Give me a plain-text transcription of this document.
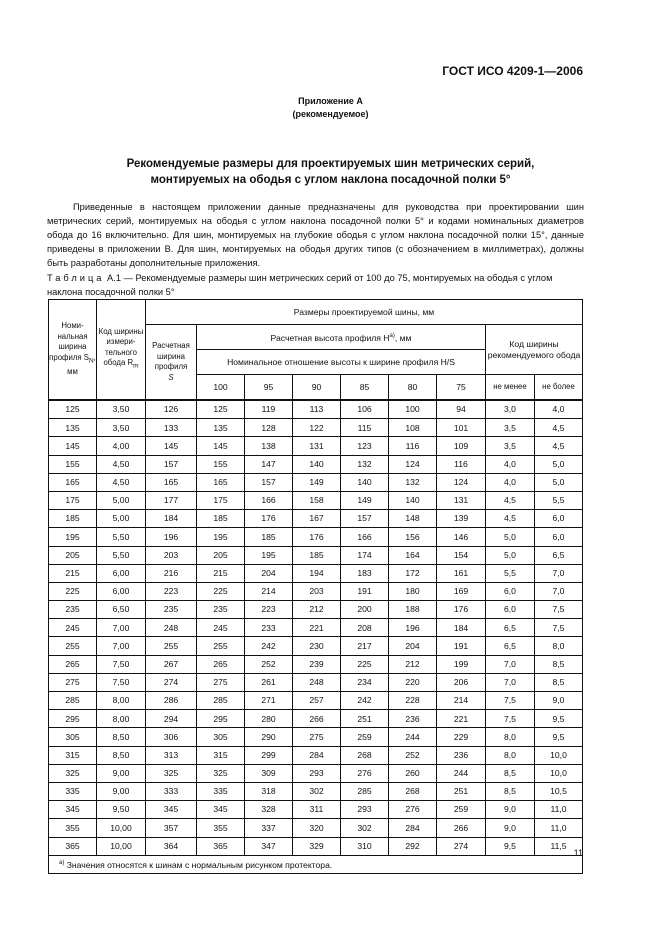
ГОСТ ИСО 4209-1—2006
Приложение А
(рекомендуемое)
Рекомендуемые размеры для проектируемых шин метрических серий,
монтируемых на ободья с углом наклона посадочной полки 5°

Приведенные в настоящем приложении данные предназначены для руководства при проектировании шин метрических серий, монтируемых на ободья с углом наклона посадочной полки 5° и кодами номинальных диаметров обода до 16 включительно. Для шин, монтируемых на глубокие ободья с углом наклона посадочной полки 15°, данные приведены в приложении В. Для шин, монтируемых на ободья других типов (с обозначением в миллиметрах), должны быть разработаны дополнительные приложения.

Таблица А.1 — Рекомендуемые размеры шин метрических серий от 100 до 75, монтируемых на ободья с углом наклона посадочной полки 5°
Номи-нальная ширина профиля $S_N$, мм	Код ширины измери-тельного обода $R_m$	Размеры проектируемой шины, мм								
		Расчетная ширина профиля
S	Расчетная высота профиля $H^{а)}$, мм						Код ширины рекомендуемого обода	
			Номинальное отношение высоты к ширине профиля H/S							
			100	95	90	85	80	75	не менее	не более
125	3,50	126	125	119	113	106	100	94	3,0	4,0
135	3,50	133	135	128	122	115	108	101	3,5	4,5
145	4,00	145	145	138	131	123	116	109	3,5	4,5
155	4,50	157	155	147	140	132	124	116	4,0	5,0
165	4,50	165	165	157	149	140	132	124	4,0	5,0
175	5,00	177	175	166	158	149	140	131	4,5	5,5
185	5,00	184	185	176	167	157	148	139	4,5	6,0
195	5,50	196	195	185	176	166	156	146	5,0	6,0
205	5,50	203	205	195	185	174	164	154	5,0	6,5
215	6,00	216	215	204	194	183	172	161	5,5	7,0
225	6,00	223	225	214	203	191	180	169	6,0	7,0
235	6,50	235	235	223	212	200	188	176	6,0	7,5
245	7,00	248	245	233	221	208	196	184	6,5	7,5
255	7,00	255	255	242	230	217	204	191	6,5	8,0
265	7,50	267	265	252	239	225	212	199	7,0	8,5
275	7,50	274	275	261	248	234	220	206	7,0	8,5
285	8,00	286	285	271	257	242	228	214	7,5	9,0
295	8,00	294	295	280	266	251	236	221	7,5	9,5
305	8,50	306	305	290	275	259	244	229	8,0	9,5
315	8,50	313	315	299	284	268	252	236	8,0	10,0
325	9,00	325	325	309	293	276	260	244	8,5	10,0
335	9,00	333	335	318	302	285	268	251	8,5	10,5
345	9,50	345	345	328	311	293	276	259	9,0	11,0
355	10,00	357	355	337	320	302	284	266	9,0	11,0
365	10,00	364	365	347	329	310	292	274	9,5	11,5
$^{а)}$ Значения относятся к шинам с нормальным рисунком протектора.										
11
